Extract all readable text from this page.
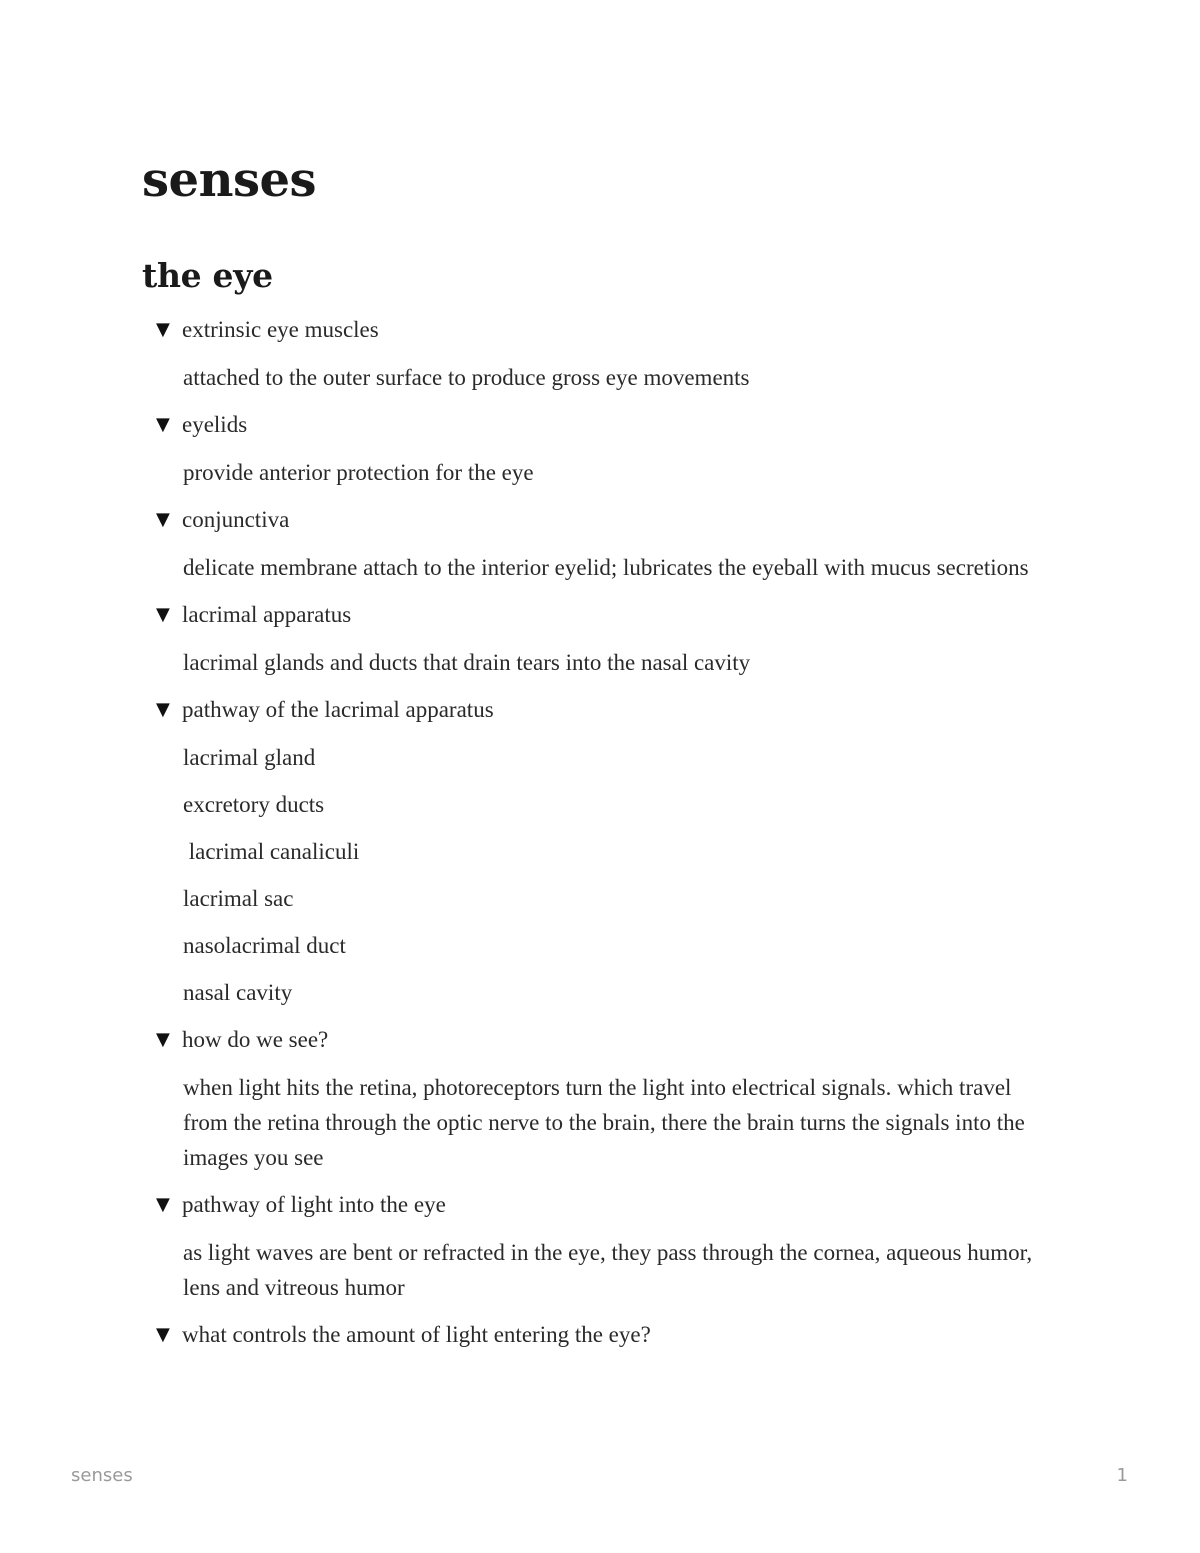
senses
the eye
▼ extrinsic eye muscles

attached to the outer surface to produce gross eye movements

▼ eyelids

provide anterior protection for the eye

▼ conjunctiva

delicate membrane attach to the interior eyelid; lubricates the eyeball with mucus secretions

▼ lacrimal apparatus

lacrimal glands and ducts that drain tears into the nasal cavity

▼ pathway of the lacrimal apparatus

lacrimal gland

excretory ducts

lacrimal canaliculi

lacrimal sac

nasolacrimal duct

nasal cavity

▼ how do we see?

when light hits the retina, photoreceptors turn the light into electrical signals. which travel from the retina through the optic nerve to the brain, there the brain turns the signals into the images you see

▼ pathway of light into the eye

as light waves are bent or refracted in the eye, they pass through the cornea, aqueous humor, lens and vitreous humor

▼ what controls the amount of light entering the eye?
senses	1
